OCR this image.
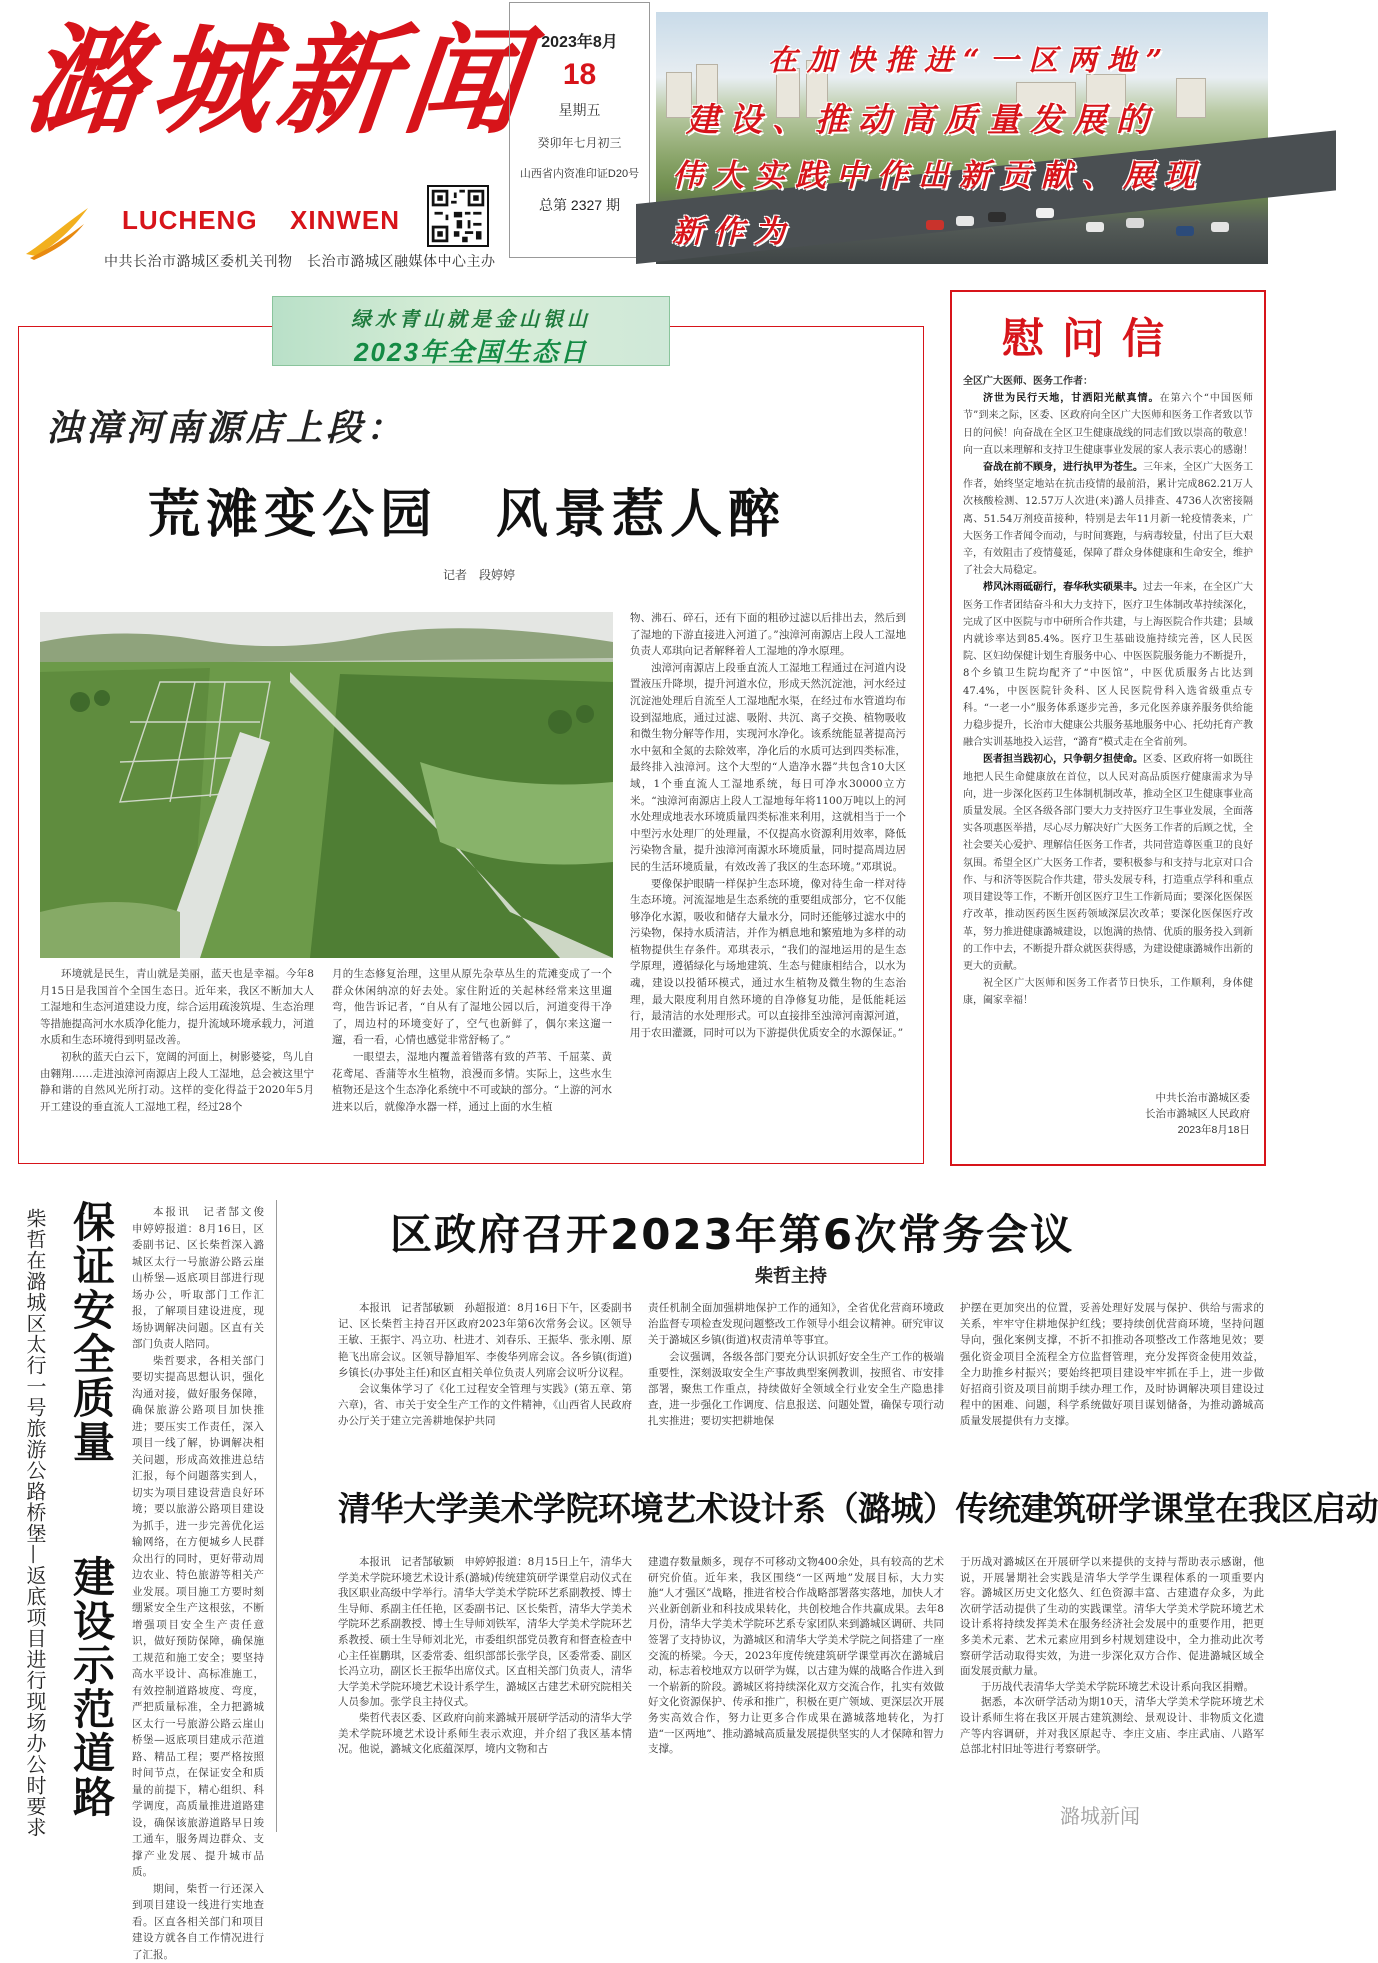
潞城新闻
LUCHENG XINWEN
中共长治市潞城区委机关刊物　长治市潞城区融媒体中心主办
2023年8月
18
星期五
癸卯年七月初三
山西省内资准印证D20号
总第 2327 期
在加快推进“一区两地”
建设、推动高质量发展的
伟大实践中作出新贡献、展现
新作为
绿水青山就是金山银山
2023年全国生态日
浊漳河南源店上段：
荒滩变公园　风景惹人醉
记者　段婷婷

环境就是民生，青山就是美丽，蓝天也是幸福。今年8月15日是我国首个全国生态日。近年来，我区不断加大人工湿地和生态河道建设力度，综合运用疏浚筑堤、生态治理等措施提高河水水质净化能力，提升流域环境承载力，河道水质和生态环境得到明显改善。

初秋的蓝天白云下，宽阔的河面上，树影婆娑，鸟儿自由翱翔……走进浊漳河南源店上段人工湿地，总会被这里宁静和谐的自然风光所打动。这样的变化得益于2020年5月开工建设的垂直流人工湿地工程，经过28个

月的生态修复治理，这里从原先杂草丛生的荒滩变成了一个群众休闲纳凉的好去处。家住附近的关起林经常来这里遛弯，他告诉记者，“自从有了湿地公园以后，河道变得干净了，周边村的环境变好了，空气也新鲜了，偶尔来这遛一遛，看一看，心情也感觉非常舒畅了。”

一眼望去，湿地内覆盖着错落有致的芦苇、千屈菜、黄花鸢尾、香蒲等水生植物，浪漫而多情。实际上，这些水生植物还是这个生态净化系统中不可或缺的部分。“上游的河水进来以后，就像净水器一样，通过上面的水生植

物、沸石、碎石，还有下面的粗砂过滤以后排出去，然后到了湿地的下游直接进入河道了。”浊漳河南源店上段人工湿地负责人邓琪向记者解释着人工湿地的净水原理。

浊漳河南源店上段垂直流人工湿地工程通过在河道内设置液压升降坝，提升河道水位，形成天然沉淀池，河水经过沉淀池处理后自流至人工湿地配水渠，在经过布水管道均布设到湿地底，通过过滤、吸附、共沉、离子交换、植物吸收和微生物分解等作用，实现河水净化。该系统能显著提高污水中氨和全氮的去除效率，净化后的水质可达到四类标准，最终排入浊漳河。这个大型的“人造净水器”共包含10大区域，1个垂直流人工湿地系统，每日可净水30000立方米。“浊漳河南源店上段人工湿地每年将1100万吨以上的河水处理成地表水环境质量四类标准来利用，这就相当于一个中型污水处理厂的处理量，不仅提高水资源利用效率，降低污染物含量，提升浊漳河南源水环境质量，同时提高周边居民的生活环境质量，有效改善了我区的生态环境。”邓琪说。

要像保护眼睛一样保护生态环境，像对待生命一样对待生态环境。河流湿地是生态系统的重要组成部分，它不仅能够净化水源，吸收和储存大量水分，同时还能够过滤水中的污染物，保持水质清洁，并作为栖息地和繁殖地为多样的动植物提供生存条件。邓琪表示，“我们的湿地运用的是生态学原理，遵循绿化与场地建筑、生态与健康相结合，以水为魂，建设以投循环模式，通过水生植物及微生物的生态治理，最大限度利用自然环境的自净修复功能，是低能耗运行，最清洁的水处理形式。可以直接排至浊漳河南源河道，用于农田灌溉，同时可以为下游提供优质安全的水源保证。”

慰问信
全区广大医师、医务工作者：

济世为民行天地，甘洒阳光献真情。在第六个“中国医师节”到来之际，区委、区政府向全区广大医师和医务工作者致以节日的问候！向奋战在全区卫生健康战线的同志们致以崇高的敬意！向一直以来理解和支持卫生健康事业发展的家人表示衷心的感谢！

奋战在前不顾身，进行执甲为苍生。三年来，全区广大医务工作者，始终坚定地站在抗击疫情的最前沿，累计完成862.21万人次核酸检测、12.57万人次进(来)潞人员排查、4736人次密接隔离、51.54万剂疫苗接种，特别是去年11月新一轮疫情袭来，广大医务工作者闻令而动，与时间赛跑，与病毒较量，付出了巨大艰辛，有效阻击了疫情蔓延，保障了群众身体健康和生命安全，维护了社会大局稳定。

栉风沐雨砥砺行，春华秋实硕果丰。过去一年来，在全区广大医务工作者团结奋斗和大力支持下，医疗卫生体制改革持续深化，完成了区中医院与市中研所合作共建，与上海医院合作共建；县域内就诊率达到85.4%。医疗卫生基础设施持续完善，区人民医院、区妇幼保健计划生育服务中心、中医医院服务能力不断提升，8个乡镇卫生院均配齐了“中医馆”，中医优质服务占比达到47.4%，中医医院针灸科、区人民医院骨科入选省级重点专科。“一老一小”服务体系逐步完善，多元化医养康养服务供给能力稳步提升，长治市大健康公共服务基地服务中心、托幼托育产教融合实训基地投入运营，“潞育”模式走在全省前列。

医者担当践初心，只争朝夕担使命。区委、区政府将一如既往地把人民生命健康放在首位，以人民对高品质医疗健康需求为导向，进一步深化医药卫生体制机制改革，推动全区卫生健康事业高质量发展。全区各级各部门要大力支持医疗卫生事业发展，全面落实各项惠医举措，尽心尽力解决好广大医务工作者的后顾之忧，全社会要关心爱护、理解信任医务工作者，共同营造尊医重卫的良好氛围。希望全区广大医务工作者，要积极参与和支持与北京对口合作、与和济等医院合作共建，带头发展专科，打造重点学科和重点项目建设等工作，不断开创区医疗卫生工作新局面；要深化医保医疗改革，推动医药医生医药领域深层次改革；要深化医保医疗改革，努力推进健康潞城建设，以饱满的热情、优质的服务投入到新的工作中去，不断提升群众就医获得感，为建设健康潞城作出新的更大的贡献。

祝全区广大医师和医务工作者节日快乐，工作顺利，身体健康，阖家幸福！

中共长治市潞城区委
长治市潞城区人民政府
2023年8月18日
柴哲在潞城区太行一号旅游公路桥堡—返底项目进行现场办公时要求 保证安全质量
建设示范道路

本报讯　记者郜文俊　申婷婷报道：8月16日，区委副书记、区长柴哲深入潞城区太行一号旅游公路云崖山桥堡—返底项目部进行现场办公，听取部门工作汇报，了解项目建设进度，现场协调解决问题。区直有关部门负责人陪同。

柴哲要求，各相关部门要切实提高思想认识，强化沟通对接，做好服务保障，确保旅游公路项目加快推进；要压实工作责任，深入项目一线了解，协调解决相关问题，形成高效推进总结汇报，每个问题落实到人，切实为项目建设营造良好环境；要以旅游公路项目建设为抓手，进一步完善优化运输网络，在方便城乡人民群众出行的同时，更好带动周边农业、特色旅游等相关产业发展。项目施工方要时刻绷紧安全生产这根弦，不断增强项目安全生产责任意识，做好预防保障，确保施工规范和施工安全；要坚持高水平设计、高标准施工，有效控制道路坡度、弯度，严把质量标准，全力把潞城区太行一号旅游公路云崖山桥堡—返底项目建成示范道路、精品工程；要严格按照时间节点，在保证安全和质量的前提下，精心组织、科学调度，高质量推进道路建设，确保该旅游道路早日竣工通车，服务周边群众、支撑产业发展、提升城市品质。

期间，柴哲一行还深入到项目建设一线进行实地查看。区直各相关部门和项目建设方就各自工作情况进行了汇报。

区政府召开2023年第6次常务会议
柴哲主持

本报讯　记者郜敏颖　孙超报道：8月16日下午，区委副书记、区长柴哲主持召开区政府2023年第6次常务会议。区领导王敏、王振宇、冯立功、杜进才、刘春乐、王振华、张永刚、原艳飞出席会议。区领导静旭军、李俊华列席会议。各乡镇(街道)乡镇长(办事处主任)和区直相关单位负责人列席会议听分议程。

会议集体学习了《化工过程安全管理与实践》(第五章、第六章)，省、市关于安全生产工作的文件精神，《山西省人民政府办公厅关于建立完善耕地保护共同

责任机制全面加强耕地保护工作的通知》，全省优化营商环境政治监督专项检查发现问题整改工作领导小组会议精神。研究审议关于潞城区乡镇(街道)权责清单等事宜。

会议强调，各级各部门要充分认识抓好安全生产工作的极端重要性，深刻汲取安全生产事故典型案例教训，按照省、市安排部署，聚焦工作重点，持续做好全领域全行业安全生产隐患排查，进一步强化工作调度、信息报送、问题处置，确保专项行动扎实推进；要切实把耕地保

护摆在更加突出的位置，妥善处理好发展与保护、供给与需求的关系，牢牢守住耕地保护红线；要持续创优营商环境，坚持问题导向，强化案例支撑，不折不扣推动各项整改工作落地见效；要强化资金项目全流程全方位监督管理，充分发挥资金使用效益，全力助推乡村振兴；要始终把项目建设牢牢抓在手上，进一步做好招商引资及项目前期手续办理工作，及时协调解决项目建设过程中的困难、问题，科学系统做好项目谋划储备，为推动潞城高质量发展提供有力支撑。

清华大学美术学院环境艺术设计系（潞城）传统建筑研学课堂在我区启动

本报讯　记者郜敏颖　申婷婷报道：8月15日上午，清华大学美术学院环境艺术设计系(潞城)传统建筑研学课堂启动仪式在我区职业高级中学举行。清华大学美术学院环艺系副教授、博士生导师、系副主任任艳，区委副书记、区长柴哲，清华大学美术学院环艺系副教授、博士生导师刘铁军，清华大学美术学院环艺系教授、硕士生导师刘北光，市委组织部党员教育和督查检查中心主任崔鹏琪，区委常委、组织部部长张学良，区委常委、副区长冯立功，副区长王振华出席仪式。区直相关部门负责人，清华大学美术学院环境艺术设计系学生，潞城区古建艺术研究院相关人员参加。张学良主持仪式。

柴哲代表区委、区政府向前来潞城开展研学活动的清华大学美术学院环境艺术设计系师生表示欢迎，并介绍了我区基本情况。他说，潞城文化底蕴深厚，境内文物和古

建遗存数量颇多，现存不可移动文物400余处，具有较高的艺术研究价值。近年来，我区围绕“一区两地”发展目标，大力实施“人才强区”战略，推进省校合作战略部署落实落地，加快人才兴业新创新业和科技成果转化，共创校地合作共赢成果。去年8月份，清华大学美术学院环艺系专家团队来到潞城区调研、共同签署了支持协议，为潞城区和清华大学美术学院之间搭建了一座交流的桥梁。今天，2023年度传统建筑研学课堂再次在潞城启动，标志着校地双方以研学为媒，以古建为媒的战略合作进入到一个崭新的阶段。潞城区将持续深化双方交流合作，扎实有效做好文化资源保护、传承和推广，积极在更广领域、更深层次开展务实高效合作，努力让更多合作成果在潞城落地转化，为打造“一区两地”、推动潞城高质量发展提供坚实的人才保障和智力支撑。

于历战对潞城区在开展研学以来提供的支持与帮助表示感谢，他说，开展暑期社会实践是清华大学学生课程体系的一项重要内容。潞城区历史文化悠久、红色资源丰富、古建遗存众多，为此次研学活动提供了生动的实践课堂。清华大学美术学院环境艺术设计系将持续发挥美术在服务经济社会发展中的重要作用，把更多美术元素、艺术元素应用到乡村规划建设中，全力推动此次考察研学活动取得实效，为进一步深化双方合作、促进潞城区域全面发展贡献力量。

于历战代表清华大学美术学院环境艺术设计系向我区捐赠。

据悉，本次研学活动为期10天，清华大学美术学院环境艺术设计系师生将在我区开展古建筑测绘、景观设计、非物质文化遗产等内容调研，并对我区原起寺、李庄文庙、李庄武庙、八路军总部北村旧址等进行考察研学。

潞城新闻
